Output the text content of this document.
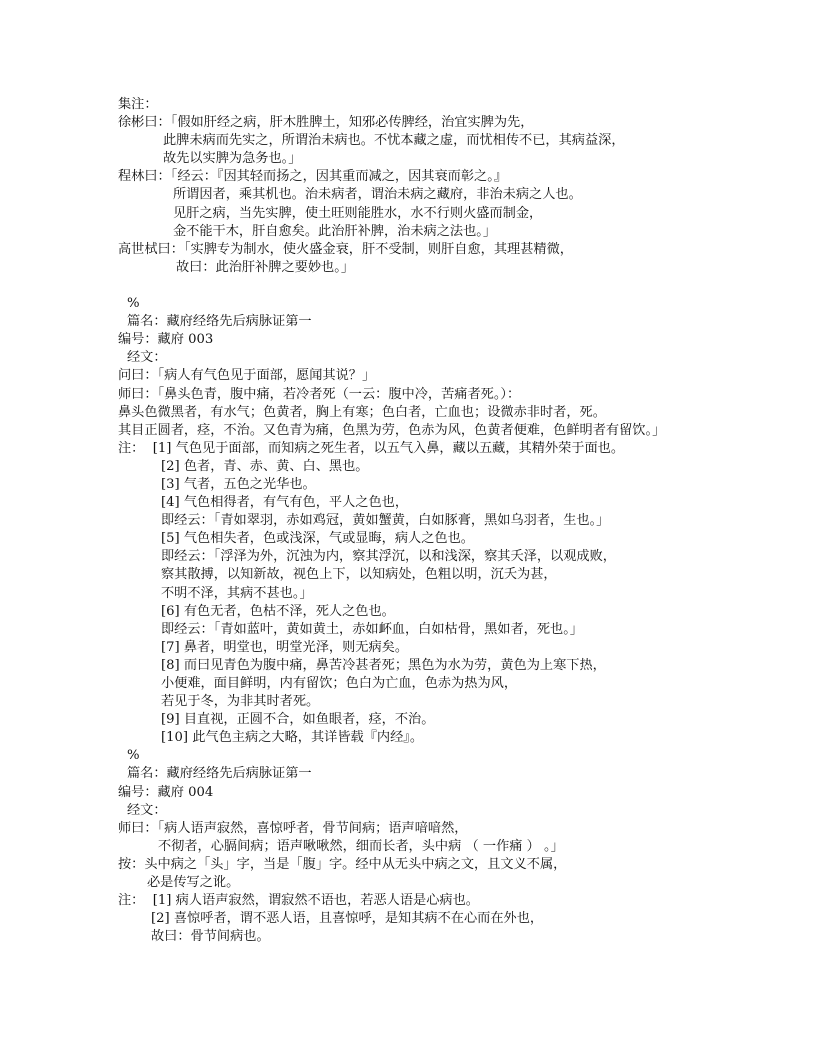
集注：
徐彬曰：「假如肝经之病，肝木胜脾土，知邪必传脾经，治宜实脾为先，
此脾未病而先实之，所谓治未病也。不忧本藏之虚，而忧相传不已，其病益深，
故先以实脾为急务也。」
程林曰：「经云：『因其轻而扬之，因其重而减之，因其衰而彰之。』
所谓因者，乘其机也。治未病者，谓治未病之藏府，非治未病之人也。
见肝之病，当先实脾，使土旺则能胜水，水不行则火盛而制金，
金不能干木，肝自愈矣。此治肝补脾，治未病之法也。」
高世栻曰：「实脾专为制水，使火盛金衰，肝不受制，则肝自愈，其理甚精微，
故曰：此治肝补脾之要妙也。」
%
篇名：藏府经络先后病脉证第一
编号：藏府 003
经文：
问曰：「病人有气色见于面部，愿闻其说？」
师曰：「鼻头色青，腹中痛，若冷者死（一云：腹中冷，苦痛者死。）：
鼻头色微黑者，有水气；色黄者，胸上有寒；色白者，亡血也；设微赤非时者，死。
其目正圆者，痉，不治。又色青为痛，色黑为劳，色赤为风，色黄者便难，色鲜明者有留饮。」
注：  [1] 气色见于面部，而知病之死生者，以五气入鼻，藏以五藏，其精外荣于面也。
[2] 色者，青、赤、黄、白、黑也。
[3] 气者，五色之光华也。
[4] 气色相得者，有气有色，平人之色也，
即经云：「青如翠羽，赤如鸡冠，黄如蟹黄，白如豚膏，黑如乌羽者，生也。」
[5] 气色相失者，色或浅深，气或显晦，病人之色也。
即经云：「浮泽为外，沉浊为内，察其浮沉，以和浅深，察其夭泽，以观成败，
察其散搏，以知新故，视色上下，以知病处，色粗以明，沉夭为甚，
不明不泽，其病不甚也。」
[6] 有色无者，色枯不泽，死人之色也。
即经云：「青如蓝叶，黄如黄土，赤如衃血，白如枯骨，黑如者，死也。」
[7] 鼻者，明堂也，明堂光泽，则无病矣。
[8] 而曰见青色为腹中痛，鼻苦冷甚者死；黑色为水为劳，黄色为上寒下热，
小便难，面目鲜明，内有留饮；色白为亡血，色赤为热为风，
若见于冬，为非其时者死。
[9] 目直视，正圆不合，如鱼眼者，痉，不治。
[10] 此气色主病之大略，其详皆载『内经』。
%
篇名：藏府经络先后病脉证第一
编号：藏府 004
经文：
师曰：「病人语声寂然，喜惊呼者，骨节间病；语声喑喑然，
不彻者，心膈间病；语声啾啾然，细而长者，头中病 （ 一作痛 ） 。」
按：头中病之「头」字，当是「腹」字。经中从无头中病之文，且文义不属，
必是传写之讹。
注：  [1] 病人语声寂然，谓寂然不语也，若恶人语是心病也。
[2] 喜惊呼者，谓不恶人语，且喜惊呼，是知其病不在心而在外也，
故曰：骨节间病也。
